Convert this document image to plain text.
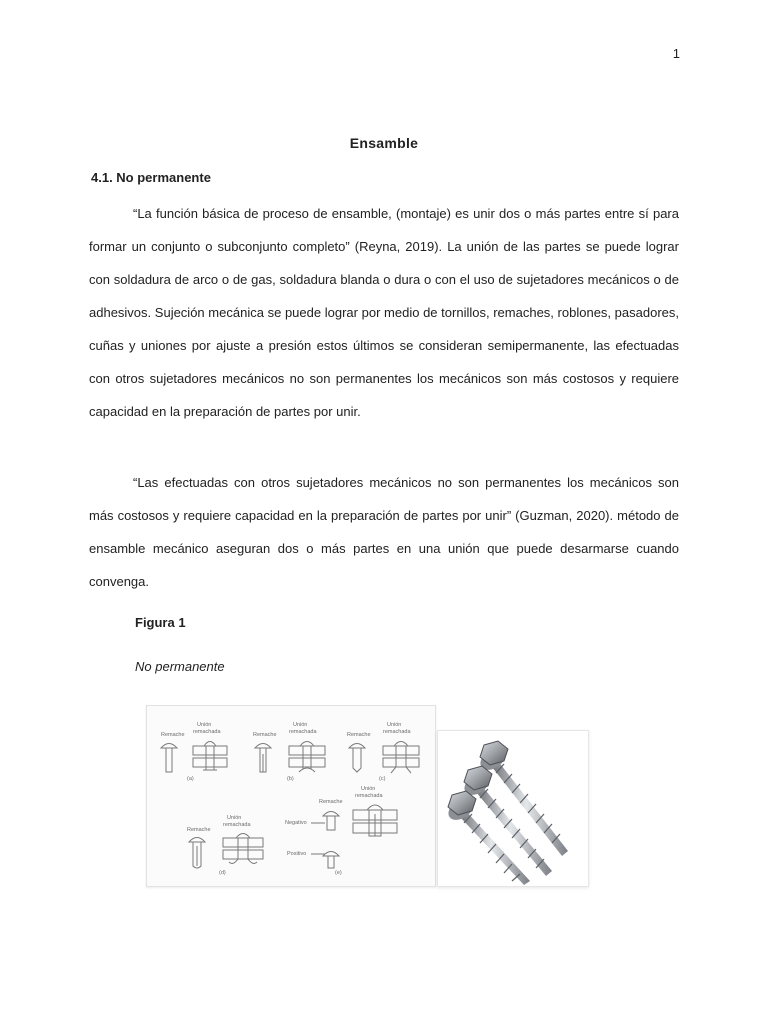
1
Ensamble
4.1. No permanente

“La función básica de proceso de ensamble, (montaje) es unir dos o más partes entre sí para formar un conjunto o subconjunto completo” (Reyna, 2019). La unión de las partes se puede lograr con soldadura de arco o de gas, soldadura blanda o dura o con el uso de sujetadores mecánicos o de adhesivos. Sujeción mecánica se puede lograr por medio de tornillos, remaches, roblones, pasadores, cuñas y uniones por ajuste a presión estos últimos se consideran semipermanente, las efectuadas con otros sujetadores mecánicos no son permanentes los mecánicos son más costosos y requiere capacidad en la preparación de partes por unir.

“Las efectuadas con otros sujetadores mecánicos no son permanentes los mecánicos son más costosos y requiere capacidad en la preparación de partes por unir” (Guzman, 2020). método de ensamble mecánico aseguran dos o más partes en una unión que puede desarmarse cuando convenga.

Figura 1
No permanente
Remache
Unión
remachada
(a)
Remache
Unión
remachada
(b)
Remache
Unión
remachada
(c)
Remache
Unión
remachada
(d)
Remache
Unión
remachada
Negativo
Positivo
(e)
